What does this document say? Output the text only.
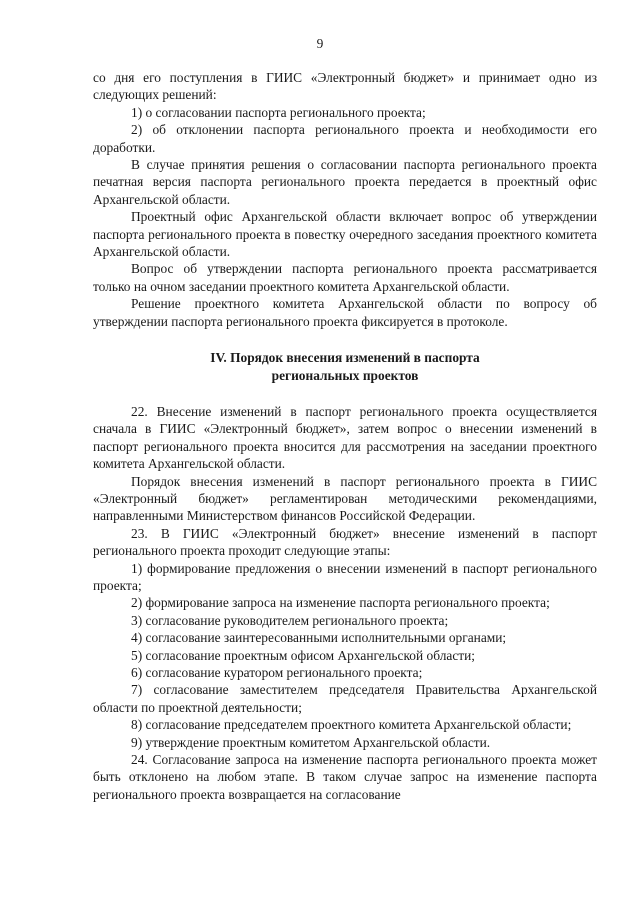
9

со дня его поступления в ГИИС «Электронный бюджет» и принимает одно из следующих решений:

1) о согласовании паспорта регионального проекта;

2) об отклонении паспорта регионального проекта и необходимости его доработки.

В случае принятия решения о согласовании паспорта регионального проекта печатная версия паспорта регионального проекта передается в проектный офис Архангельской области.

Проектный офис Архангельской области включает вопрос об утверждении паспорта регионального проекта в повестку очередного заседания проектного комитета Архангельской области.

Вопрос об утверждении паспорта регионального проекта рассматривается только на очном заседании проектного комитета Архангельской области.

Решение проектного комитета Архангельской области по вопросу об утверждении паспорта регионального проекта фиксируется в протоколе.

IV. Порядок внесения изменений в паспорта
региональных проектов

22. Внесение изменений в паспорт регионального проекта осуществляется сначала в ГИИС «Электронный бюджет», затем вопрос о внесении изменений в паспорт регионального проекта вносится для рассмотрения на заседании проектного комитета Архангельской области.

Порядок внесения изменений в паспорт регионального проекта в ГИИС «Электронный бюджет» регламентирован методическими рекомендациями, направленными Министерством финансов Российской Федерации.

23. В ГИИС «Электронный бюджет» внесение изменений в паспорт регионального проекта проходит следующие этапы:

1) формирование предложения о внесении изменений в паспорт регионального проекта;

2) формирование запроса на изменение паспорта регионального проекта;

3) согласование руководителем регионального проекта;

4) согласование заинтересованными исполнительными органами;

5) согласование проектным офисом Архангельской области;

6) согласование куратором регионального проекта;

7) согласование заместителем председателя Правительства Архангельской области по проектной деятельности;

8) согласование председателем проектного комитета Архангельской области;

9) утверждение проектным комитетом Архангельской области.

24. Согласование запроса на изменение паспорта регионального проекта может быть отклонено на любом этапе. В таком случае запрос на изменение паспорта регионального проекта возвращается на согласование
